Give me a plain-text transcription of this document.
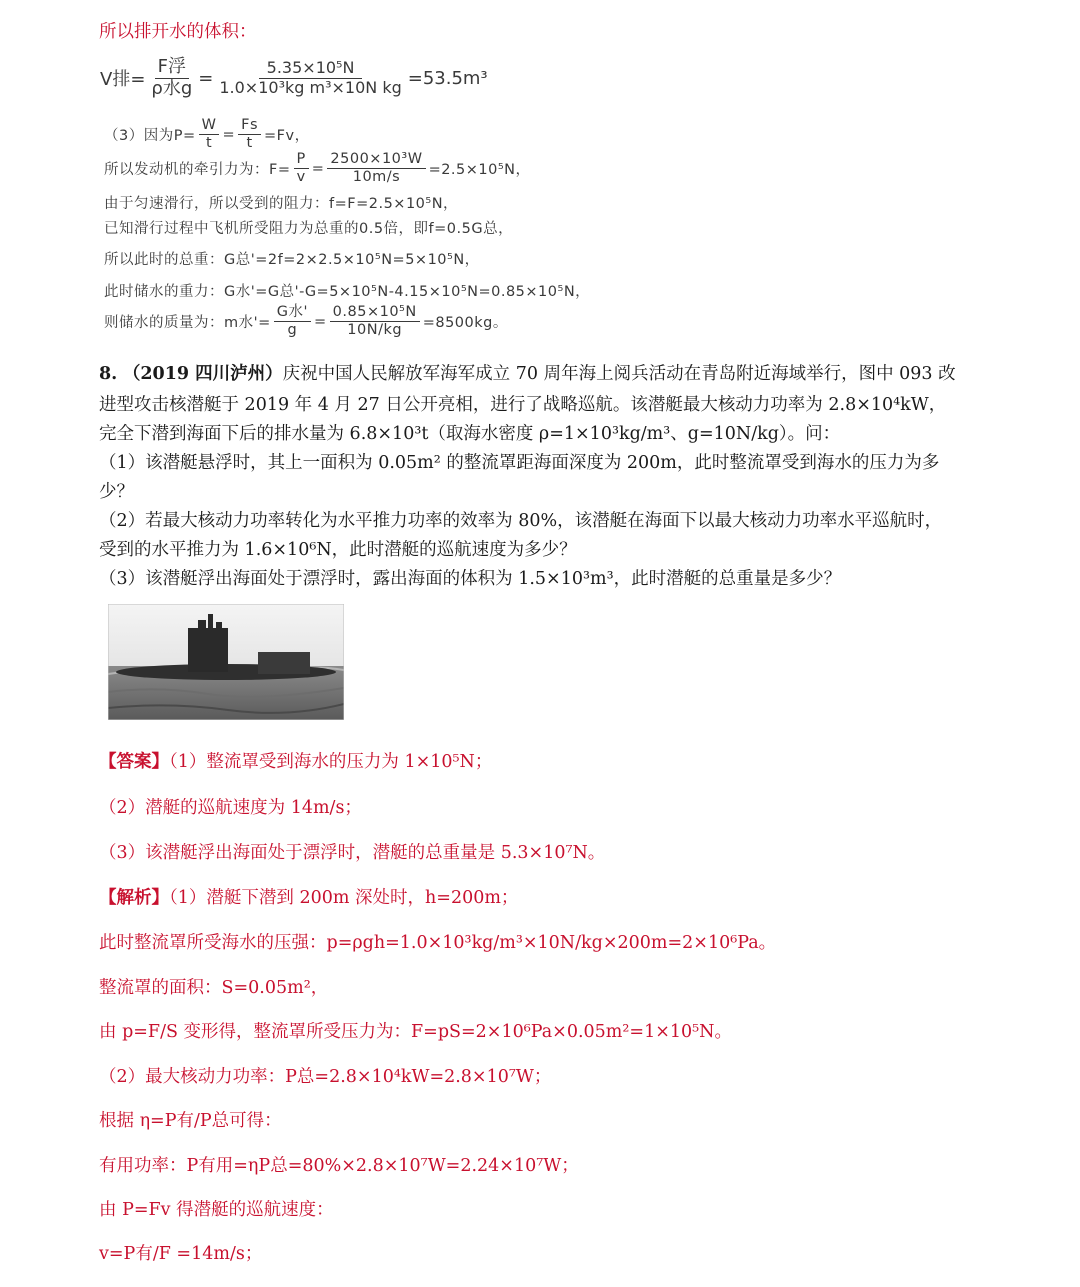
所以排开水的体积：
V排= $\frac{\text{F浮}}{\text{ρ水g}} = \frac{\text{5.35×10⁵N}}{\text{1.0×10³kg m³×10N kg}} =53.5m^3$
（3）因为$P= \frac{W}{t} = \frac{Fs}{t} =Fv$，
所以发动机的牵引力为：$F= \frac{P}{v} = \frac{\text{2500×10³W}}{10m/s} =2.5\times 10^5N$，
由于匀速滑行，所以受到的阻力：f=F=2.5×10⁵N，
已知滑行过程中飞机所受阻力为总重的0.5倍，即f=0.5G总，
所以此时的总重：G总'=2f=2×2.5×10⁵N=5×10⁵N，
此时储水的重力：G水'=G总'-G=5×10⁵N-4.15×10⁵N=0.85×10⁵N，
则储水的质量为：m水'= $\frac{\text{G水'}}{g} = \frac{\text{0.85×10⁵N}}{10N/kg} =8500kg$。
8. （2019 四川泸州）庆祝中国人民解放军海军成立 70 周年海上阅兵活动在青岛附近海域举行，图中 093 改
进型攻击核潜艇于 2019 年 4 月 27 日公开亮相，进行了战略巡航。该潜艇最大核动力功率为 2.8×10⁴kW，
完全下潜到海面下后的排水量为 6.8×10³t（取海水密度 ρ=1×10³kg/m³、g=10N/kg）。问：
（1）该潜艇悬浮时，其上一面积为 0.05m² 的整流罩距海面深度为 200m，此时整流罩受到海水的压力为多
少？
（2）若最大核动力功率转化为水平推力功率的效率为 80%，该潜艇在海面下以最大核动力功率水平巡航时，
受到的水平推力为 1.6×10⁶N，此时潜艇的巡航速度为多少？
（3）该潜艇浮出海面处于漂浮时，露出海面的体积为 1.5×10³m³，此时潜艇的总重量是多少？
【答案】（1）整流罩受到海水的压力为 1×10⁵N；
（2）潜艇的巡航速度为 14m/s；
（3）该潜艇浮出海面处于漂浮时，潜艇的总重量是 5.3×10⁷N。
【解析】（1）潜艇下潜到 200m 深处时，h=200m；
此时整流罩所受海水的压强：p=ρgh=1.0×10³kg/m³×10N/kg×200m=2×10⁶Pa。
整流罩的面积：S=0.05m²，
由 p=F/S 变形得，整流罩所受压力为：F=pS=2×10⁶Pa×0.05m²=1×10⁵N。
（2）最大核动力功率：P总=2.8×10⁴kW=2.8×10⁷W；
根据 η=P有/P总可得：
有用功率：P有用=ηP总=80%×2.8×10⁷W=2.24×10⁷W；
由 P=Fv 得潜艇的巡航速度：
v=P有/F =14m/s；
